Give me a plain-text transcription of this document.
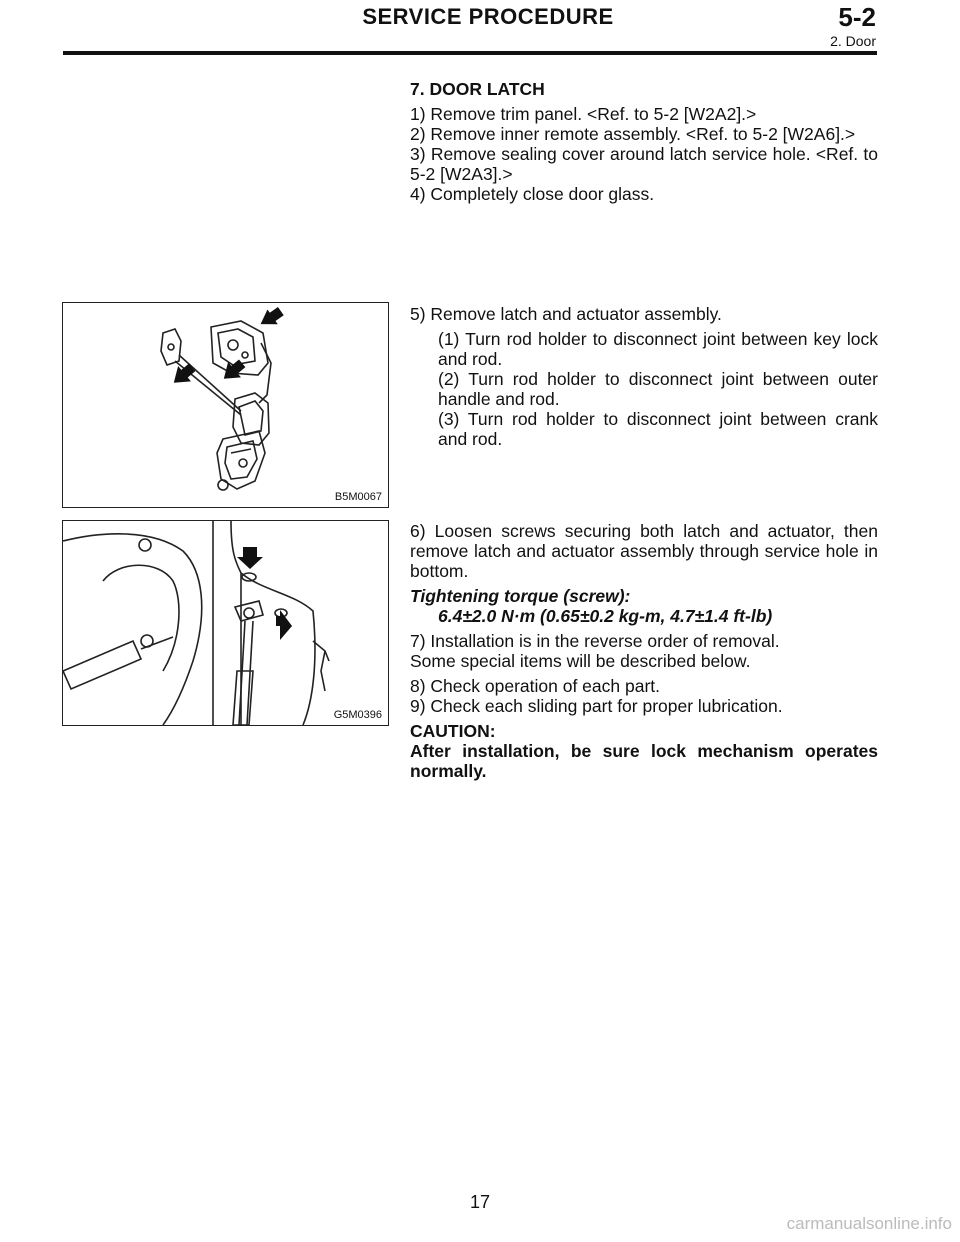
SERVICE PROCEDURE	5-2
2. Door

7. DOOR LATCH

1) Remove trim panel. <Ref. to 5-2 [W2A2].>

2) Remove inner remote assembly. <Ref. to 5-2 [W2A6].>

3) Remove sealing cover around latch service hole. <Ref. to 5-2 [W2A3].>

4) Completely close door glass.

B5M0067

5) Remove latch and actuator assembly.

(1) Turn rod holder to disconnect joint between key lock and rod.

(2) Turn rod holder to disconnect joint between outer handle and rod.

(3) Turn rod holder to disconnect joint between crank and rod.

G5M0396

6) Loosen screws securing both latch and actuator, then remove latch and actuator assembly through service hole in bottom.

Tightening torque (screw):

6.4±2.0 N·m (0.65±0.2 kg-m, 4.7±1.4 ft-lb)

7) Installation is in the reverse order of removal.

Some special items will be described below.

8) Check operation of each part.

9) Check each sliding part for proper lubrication.

CAUTION:

After installation, be sure lock mechanism operates normally.

17
carmanualsonline.info
